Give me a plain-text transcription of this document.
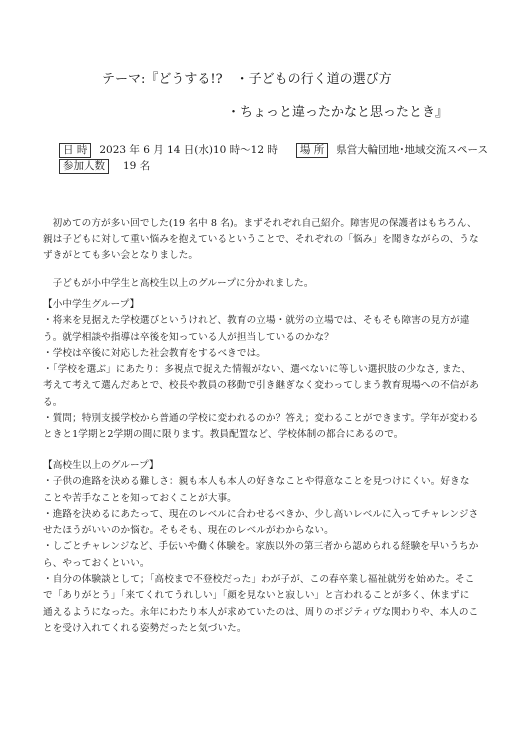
テーマ:『どうする!?　・子どもの行く道の選び方
・ちょっと違ったかなと思ったとき』
日 時	2023 年 6 月 14 日(水)10 時～12 時	場 所	県営大輪団地･地域交流スペース
参加人数	19 名

初めての方が多い回でした(19 名中 8 名)。まずそれぞれ自己紹介。障害児の保護者はもちろん、親は子どもに対して重い悩みを抱えているということで、それぞれの「悩み」を聞きながらの、うなずきがとても多い会となりました。

子どもが小中学生と高校生以上のグループに分かれました。

【小中学生グループ】

・将来を見据えた学校選びというけれど、教育の立場・就労の立場では、そもそも障害の見方が違う。就学相談や指導は卒後を知っている人が担当しているのかな？

・学校は卒後に対応した社会教育をするべきでは。

・「学校を選ぶ」にあたり：多視点で捉えた情報がない、選べないに等しい選択肢の少なさ, また、考えて考えて選んだあとで、校長や教員の移動で引き継ぎなく変わってしまう教育現場への不信がある。

・質問；特別支援学校から普通の学校に変われるのか？答え；変わることができます。学年が変わるときと1学期と2学期の間に限ります。教員配置など、学校体制の都合にあるので。

【高校生以上のグループ】

・子供の進路を決める難しさ：親も本人も本人の好きなことや得意なことを見つけにくい。好きなことや苦手なことを知っておくことが大事。

・進路を決めるにあたって、現在のレベルに合わせるべきか、少し高いレベルに入ってチャレンジさせたほうがいいのか悩む。そもそも、現在のレベルがわからない。

・しごとチャレンジなど、手伝いや働く体験を。家族以外の第三者から認められる経験を早いうちから、やっておくといい。

・自分の体験談として；「高校まで不登校だった」わが子が、この春卒業し福祉就労を始めた。そこで「ありがとう」「来てくれてうれしい」「顔を見ないと寂しい」と言われることが多く、休まずに通えるようになった。永年にわたり本人が求めていたのは、周りのポジティヴな関わりや、本人のことを受け入れてくれる姿勢だったと気づいた。
